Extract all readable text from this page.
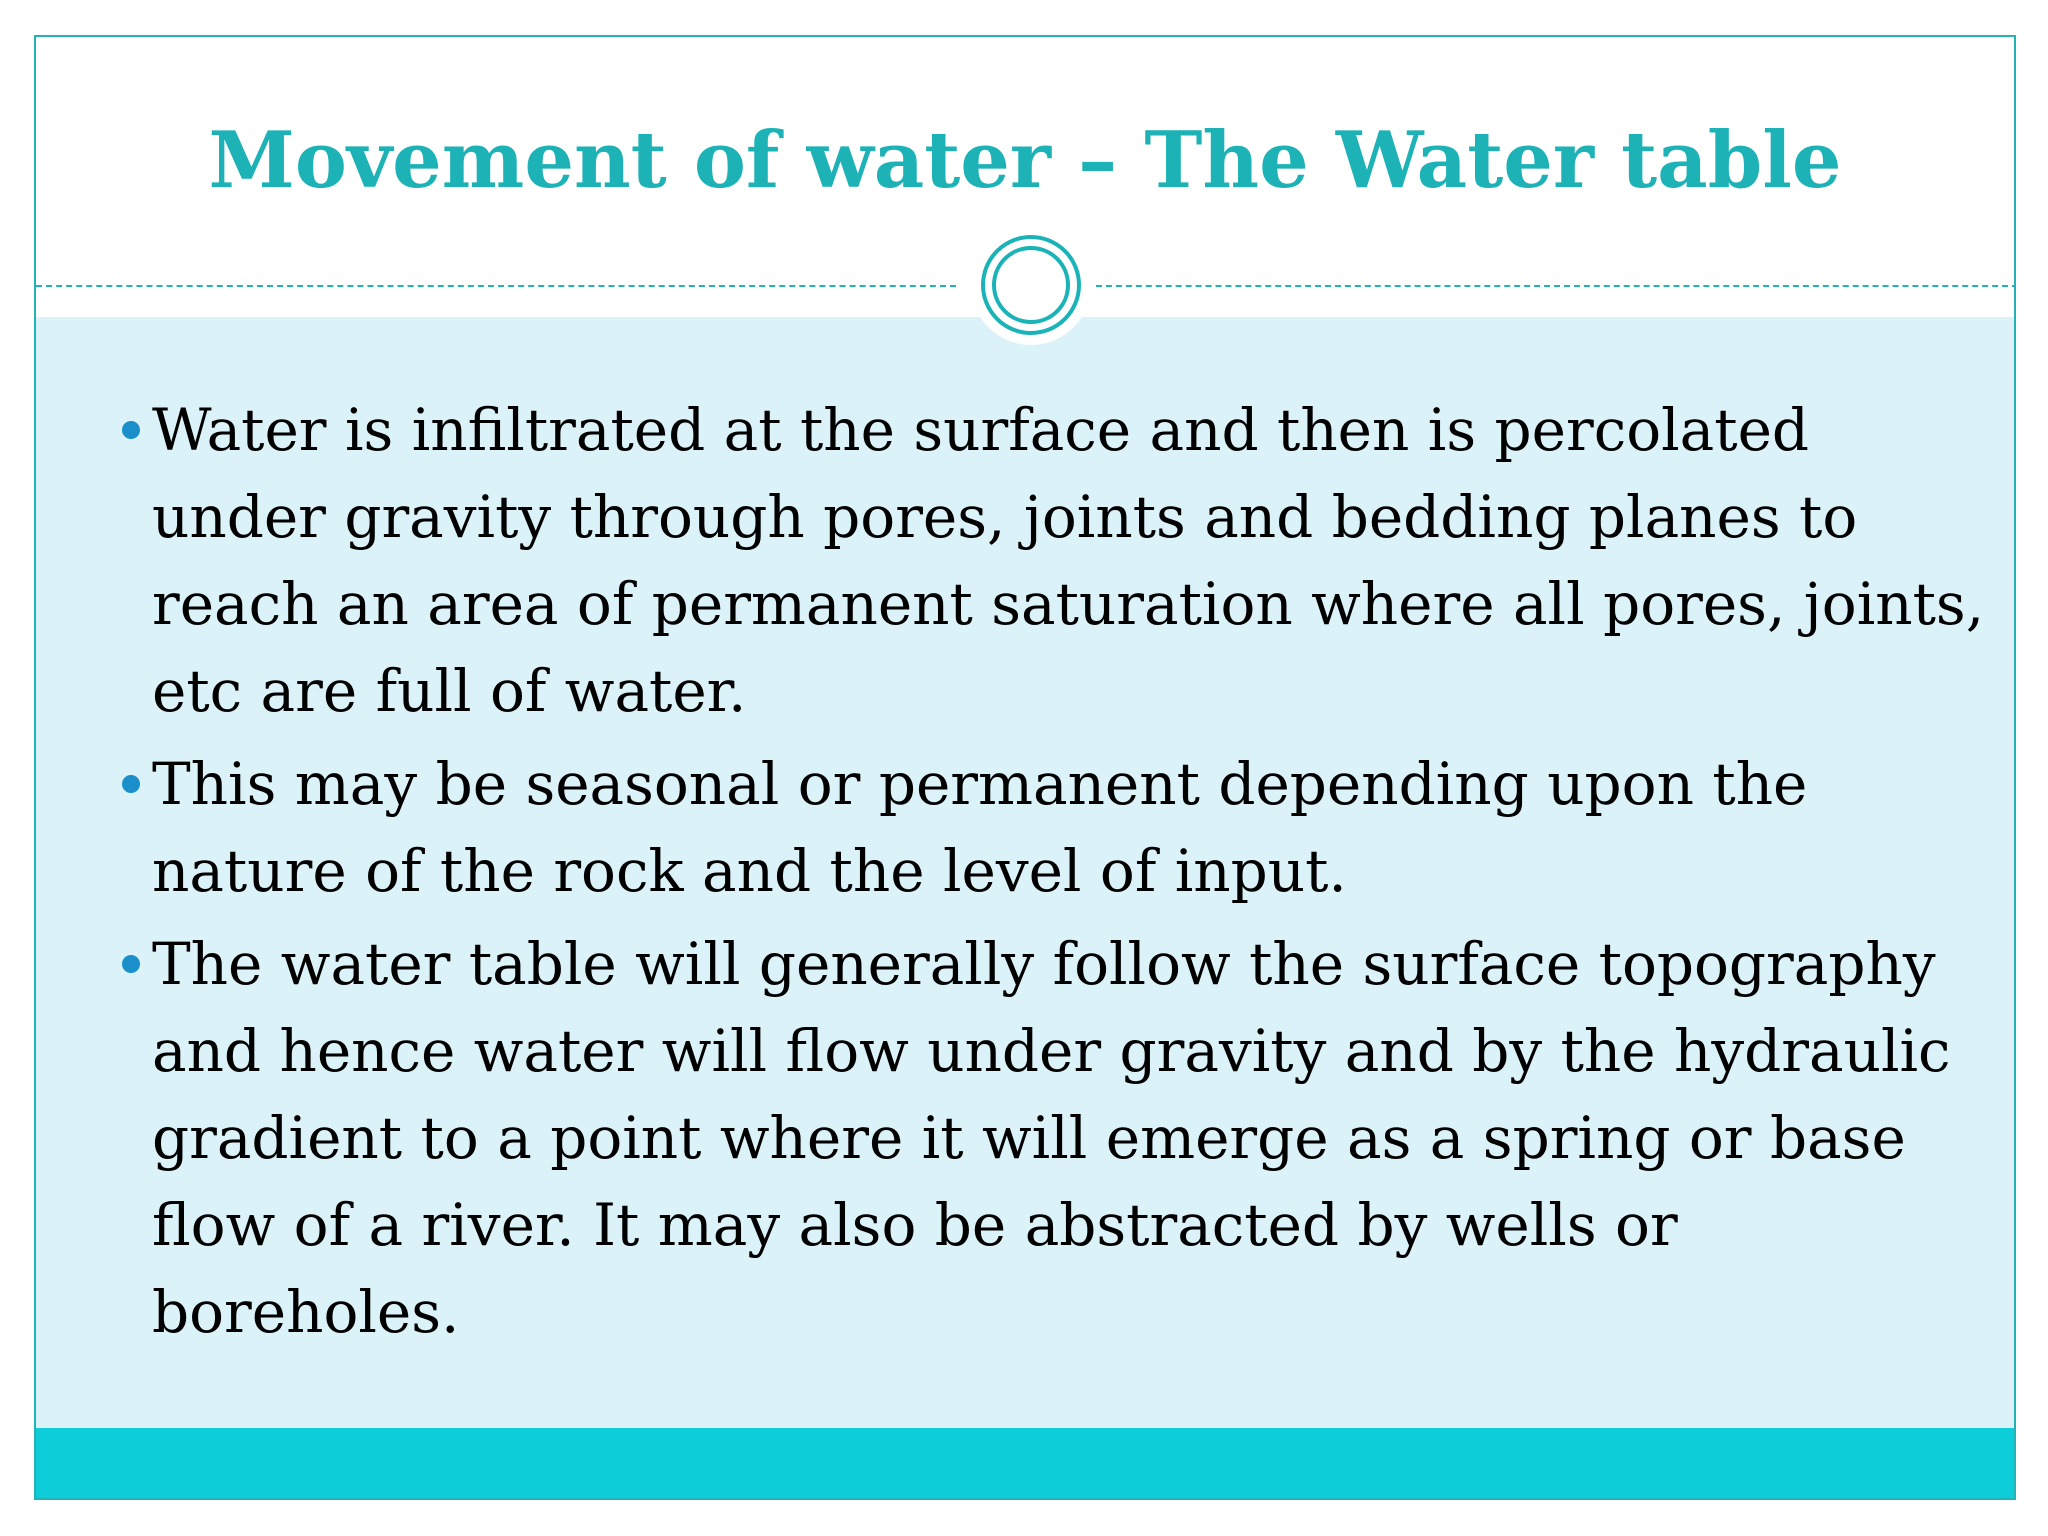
Movement of water – The Water table
Water is infiltrated at the surface and then is percolated under gravity through pores, joints and bedding planes to reach an area of permanent saturation where all pores, joints, etc are full of water.
This may be seasonal or permanent depending upon the nature of the rock and the level of input.
The water table will generally follow the surface topography and hence water will flow under gravity and by the hydraulic gradient to a point where it will emerge as a spring or base flow of a river. It may also be abstracted by wells or boreholes.
